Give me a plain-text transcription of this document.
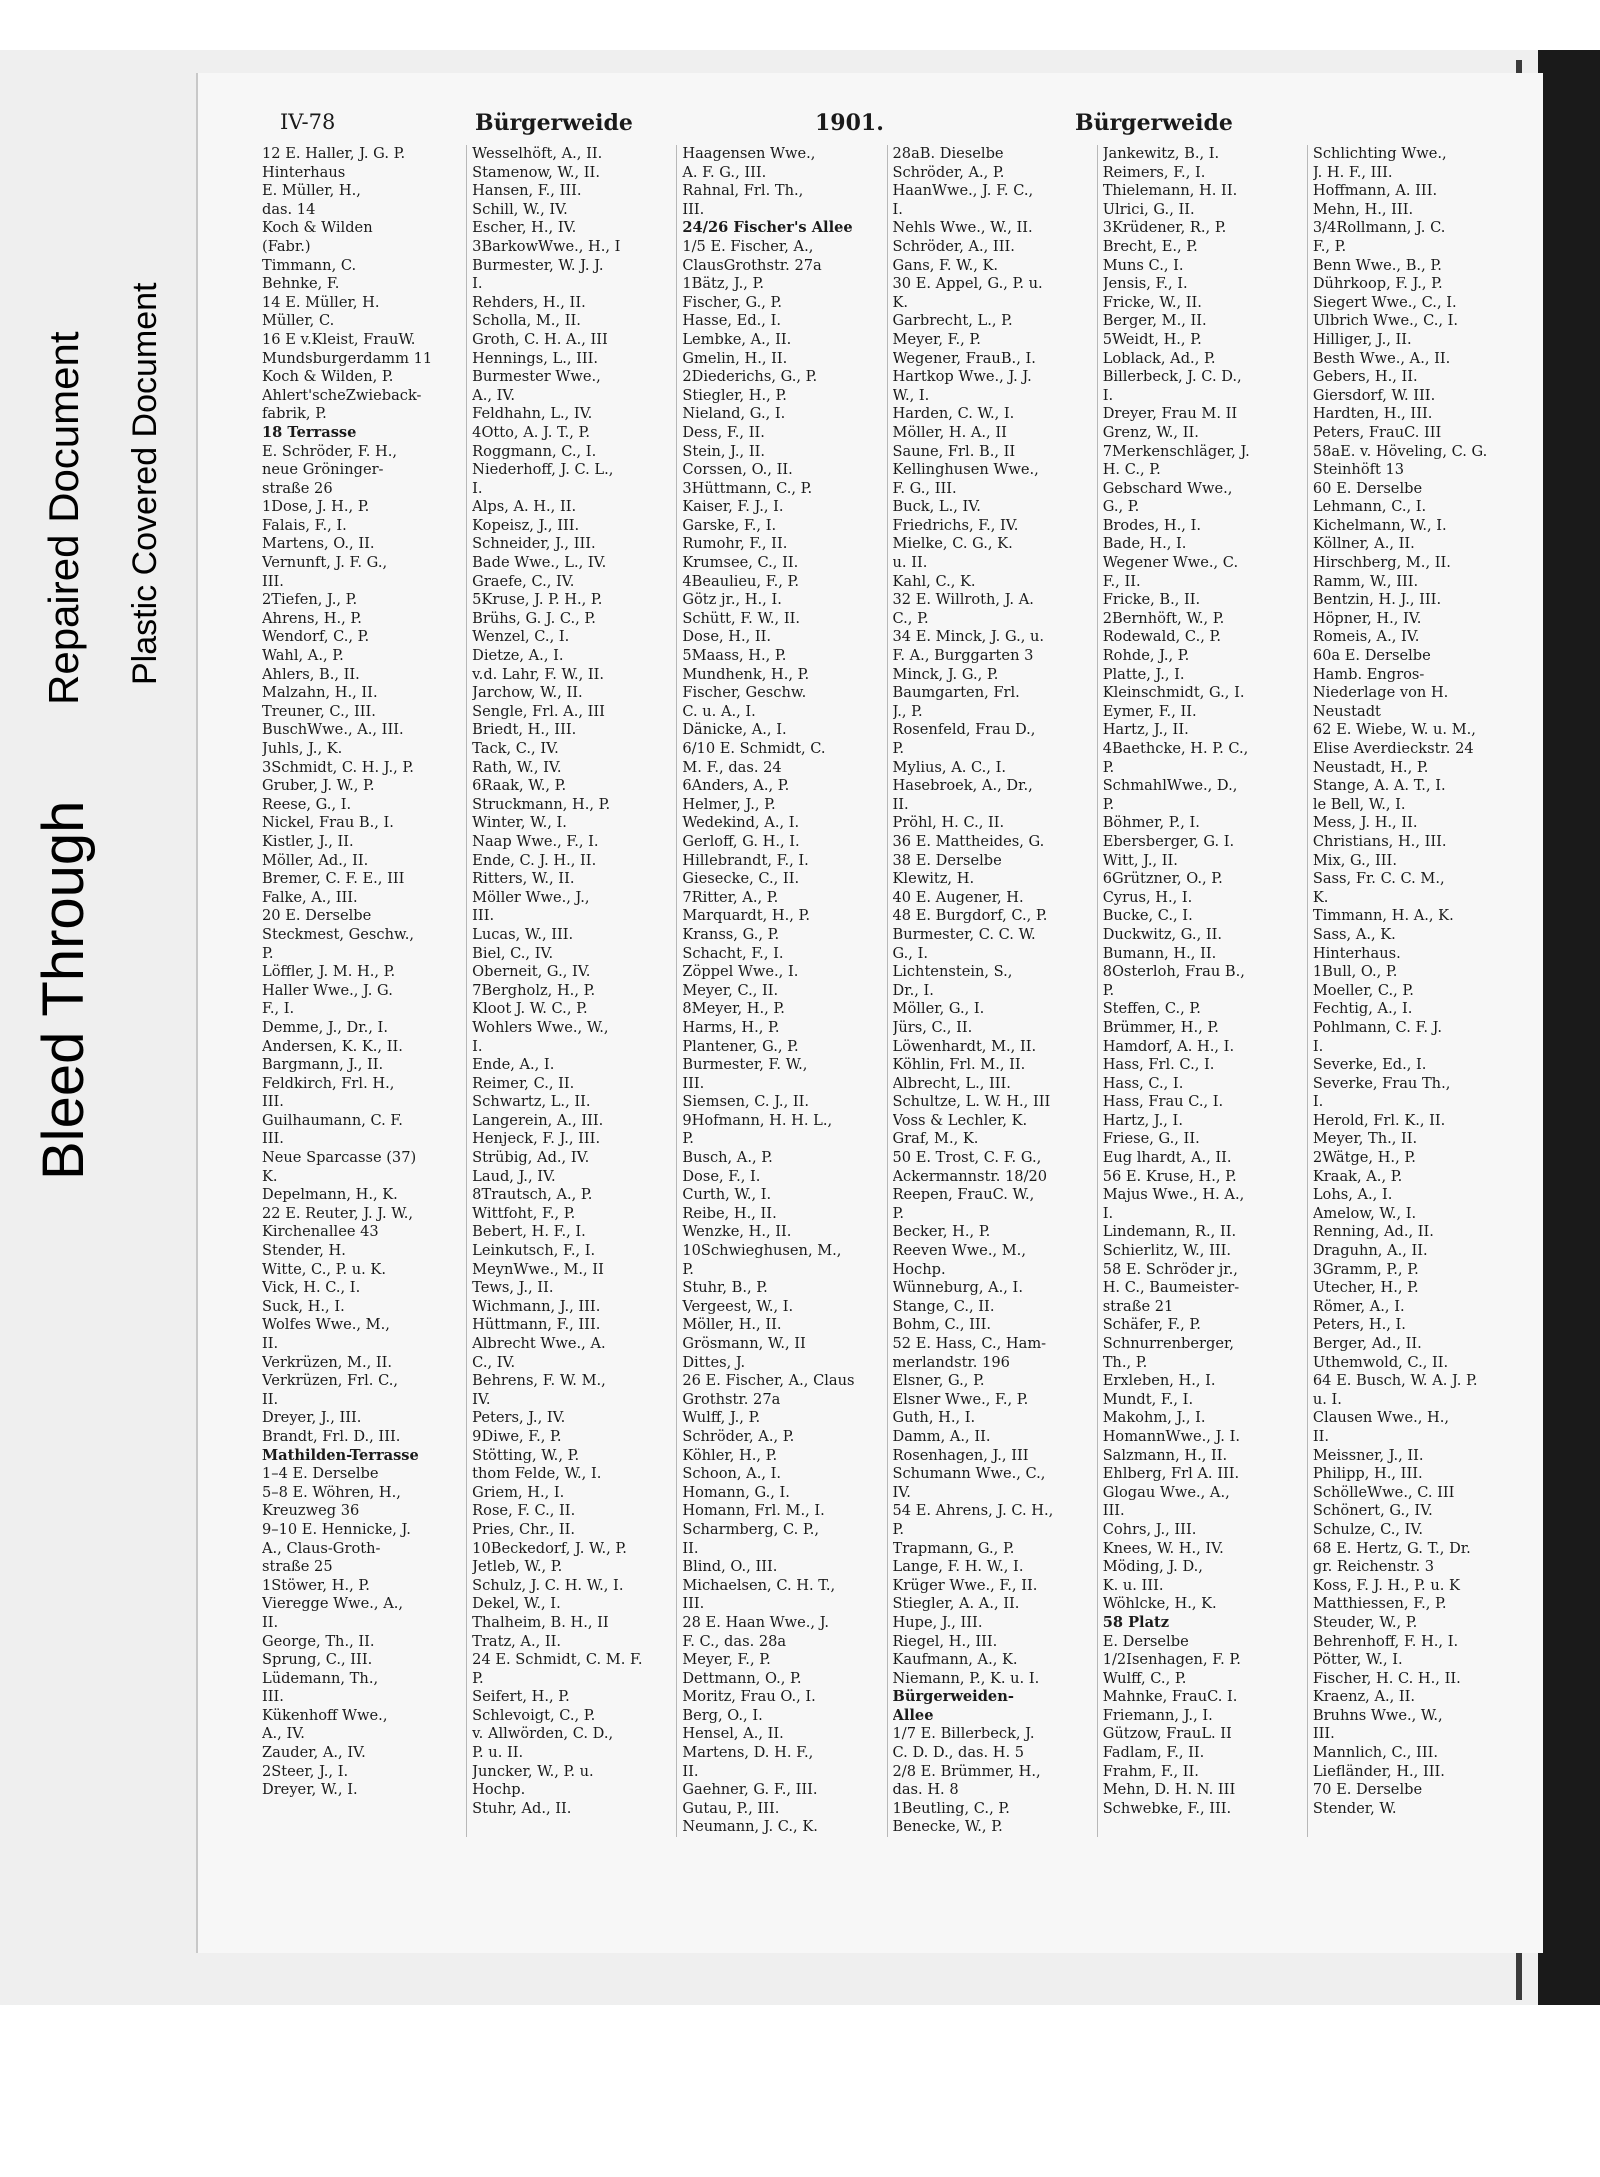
Bleed Through
Repaired Document
IV-78	Bürgerweide	1901.	Bürgerweide
12 E. Haller, J. G. P.
Hinterhaus
E. Müller, H.,
das. 14
Koch & Wilden
(Fabr.)
Timmann, C.
Behnke, F.
14 E. Müller, H.
Müller, C.
16 E v.Kleist, FrauW.
Mundsburgerdamm 11
Koch & Wilden, P.
Ahlert'scheZwieback-
fabrik, P.
18 Terrasse
E. Schröder, F. H.,
neue Gröninger-
straße 26
1Dose, J. H., P.
Falais, F., I.
Martens, O., II.
Vernunft, J. F. G.,
III.
2Tiefen, J., P.
Ahrens, H., P.
Wendorf, C., P.
Wahl, A., P.
Ahlers, B., II.
Malzahn, H., II.
Treuner, C., III.
BuschWwe., A., III.
Juhls, J., K.
3Schmidt, C. H. J., P.
Gruber, J. W., P.
Reese, G., I.
Nickel, Frau B., I.
Kistler, J., II.
Möller, Ad., II.
Bremer, C. F. E., III
Falke, A., III.
20 E. Derselbe
Steckmest, Geschw.,
P.
Löffler, J. M. H., P.
Haller Wwe., J. G.
F., I.
Demme, J., Dr., I.
Andersen, K. K., II.
Bargmann, J., II.
Feldkirch, Frl. H.,
III.
Guilhaumann, C. F.
III.
Neue Sparcasse (37)
K.
Depelmann, H., K.
22 E. Reuter, J. J. W.,
Kirchenallee 43
Stender, H.
Witte, C., P. u. K.
Vick, H. C., I.
Suck, H., I.
Wolfes Wwe., M.,
II.
Verkrüzen, M., II.
Verkrüzen, Frl. C.,
II.
Dreyer, J., III.
Brandt, Frl. D., III.
Mathilden-Terrasse
1–4 E. Derselbe
5–8 E. Wöhren, H.,
Kreuzweg 36
9–10 E. Hennicke, J.
A., Claus-Groth-
straße 25
1Stöwer, H., P.
Vieregge Wwe., A.,
II.
George, Th., II.
Sprung, C., III.
Lüdemann, Th.,
III.
Kükenhoff Wwe.,
A., IV.
Zauder, A., IV.
2Steer, J., I.
Dreyer, W., I.
Wesselhöft, A., II.
Stamenow, W., II.
Hansen, F., III.
Schill, W., IV.
Escher, H., IV.
3BarkowWwe., H., I
Burmester, W. J. J.
I.
Rehders, H., II.
Scholla, M., II.
Groth, C. H. A., III
Hennings, L., III.
Burmester Wwe.,
A., IV.
Feldhahn, L., IV.
4Otto, A. J. T., P.
Roggmann, C., I.
Niederhoff, J. C. L.,
I.
Alps, A. H., II.
Kopeisz, J., III.
Schneider, J., III.
Bade Wwe., L., IV.
Graefe, C., IV.
5Kruse, J. P. H., P.
Brühs, G. J. C., P.
Wenzel, C., I.
Dietze, A., I.
v.d. Lahr, F. W., II.
Jarchow, W., II.
Sengle, Frl. A., III
Briedt, H., III.
Tack, C., IV.
Rath, W., IV.
6Raak, W., P.
Struckmann, H., P.
Winter, W., I.
Naap Wwe., F., I.
Ende, C. J. H., II.
Ritters, W., II.
Möller Wwe., J.,
III.
Lucas, W., III.
Biel, C., IV.
Oberneit, G., IV.
7Bergholz, H., P.
Kloot J. W. C., P.
Wohlers Wwe., W.,
I.
Ende, A., I.
Reimer, C., II.
Schwartz, L., II.
Langerein, A., III.
Henjeck, F. J., III.
Strübig, Ad., IV.
Laud, J., IV.
8Trautsch, A., P.
Wittfoht, F., P.
Bebert, H. F., I.
Leinkutsch, F., I.
MeynWwe., M., II
Tews, J., II.
Wichmann, J., III.
Hüttmann, F., III.
Albrecht Wwe., A.
C., IV.
Behrens, F. W. M.,
IV.
Peters, J., IV.
9Diwe, F., P.
Stötting, W., P.
thom Felde, W., I.
Griem, H., I.
Rose, F. C., II.
Pries, Chr., II.
10Beckedorf, J. W., P.
Jetleb, W., P.
Schulz, J. C. H. W., I.
Dekel, W., I.
Thalheim, B. H., II
Tratz, A., II.
24 E. Schmidt, C. M. F.
P.
Seifert, H., P.
Schlevoigt, C., P.
v. Allwörden, C. D.,
P. u. II.
Juncker, W., P. u.
Hochp.
Stuhr, Ad., II.
Haagensen Wwe.,
A. F. G., III.
Rahnal, Frl. Th.,
III.
24/26 Fischer's Allee
1/5 E. Fischer, A.,
ClausGrothstr. 27a
1Bätz, J., P.
Fischer, G., P.
Hasse, Ed., I.
Lembke, A., II.
Gmelin, H., II.
2Diederichs, G., P.
Stiegler, H., P.
Nieland, G., I.
Dess, F., II.
Stein, J., II.
Corssen, O., II.
3Hüttmann, C., P.
Kaiser, F. J., I.
Garske, F., I.
Rumohr, F., II.
Krumsee, C., II.
4Beaulieu, F., P.
Götz jr., H., I.
Schütt, F. W., II.
Dose, H., II.
5Maass, H., P.
Mundhenk, H., P.
Fischer, Geschw.
C. u. A., I.
Dänicke, A., I.
6/10 E. Schmidt, C.
M. F., das. 24
6Anders, A., P.
Helmer, J., P.
Wedekind, A., I.
Gerloff, G. H., I.
Hillebrandt, F., I.
Giesecke, C., II.
7Ritter, A., P.
Marquardt, H., P.
Kranss, G., P.
Schacht, F., I.
Zöppel Wwe., I.
Meyer, C., II.
8Meyer, H., P.
Harms, H., P.
Plantener, G., P.
Burmester, F. W.,
III.
Siemsen, C. J., II.
9Hofmann, H. H. L.,
P.
Busch, A., P.
Dose, F., I.
Curth, W., I.
Reibe, H., II.
Wenzke, H., II.
10Schwieghusen, M.,
P.
Stuhr, B., P.
Vergeest, W., I.
Möller, H., II.
Grösmann, W., II
Dittes, J.
26 E. Fischer, A., Claus
Grothstr. 27a
Wulff, J., P.
Schröder, A., P.
Köhler, H., P.
Schoon, A., I.
Homann, G., I.
Homann, Frl. M., I.
Scharmberg, C. P.,
II.
Blind, O., III.
Michaelsen, C. H. T.,
III.
28 E. Haan Wwe., J.
F. C., das. 28a
Meyer, F., P.
Dettmann, O., P.
Moritz, Frau O., I.
Berg, O., I.
Hensel, A., II.
Martens, D. H. F.,
II.
Gaehner, G. F., III.
Gutau, P., III.
Neumann, J. C., K.
28aB. Dieselbe
Schröder, A., P.
HaanWwe., J. F. C.,
I.
Nehls Wwe., W., II.
Schröder, A., III.
Gans, F. W., K.
30 E. Appel, G., P. u.
K.
Garbrecht, L., P.
Meyer, F., P.
Wegener, FrauB., I.
Hartkop Wwe., J. J.
W., I.
Harden, C. W., I.
Möller, H. A., II
Saune, Frl. B., II
Kellinghusen Wwe.,
F. G., III.
Buck, L., IV.
Friedrichs, F., IV.
Mielke, C. G., K.
u. II.
Kahl, C., K.
32 E. Willroth, J. A.
C., P.
34 E. Minck, J. G., u.
F. A., Burggarten 3
Minck, J. G., P.
Baumgarten, Frl.
J., P.
Rosenfeld, Frau D.,
P.
Mylius, A. C., I.
Hasebroek, A., Dr.,
II.
Pröhl, H. C., II.
36 E. Mattheides, G.
38 E. Derselbe
Klewitz, H.
40 E. Augener, H.
48 E. Burgdorf, C., P.
Burmester, C. C. W.
G., I.
Lichtenstein, S.,
Dr., I.
Möller, G., I.
Jürs, C., II.
Löwenhardt, M., II.
Köhlin, Frl. M., II.
Albrecht, L., III.
Schultze, L. W. H., III
Voss & Lechler, K.
Graf, M., K.
50 E. Trost, C. F. G.,
Ackermannstr. 18/20
Reepen, FrauC. W.,
P.
Becker, H., P.
Reeven Wwe., M.,
Hochp.
Wünneburg, A., I.
Stange, C., II.
Bohm, C., III.
52 E. Hass, C., Ham-
merlandstr. 196
Elsner, G., P.
Elsner Wwe., F., P.
Guth, H., I.
Damm, A., II.
Rosenhagen, J., III
Schumann Wwe., C.,
IV.
54 E. Ahrens, J. C. H.,
P.
Trapmann, G., P.
Lange, F. H. W., I.
Krüger Wwe., F., II.
Stiegler, A. A., II.
Hupe, J., III.
Riegel, H., III.
Kaufmann, A., K.
Niemann, P., K. u. I.
Bürgerweiden-
Allee
1/7 E. Billerbeck, J.
C. D. D., das. H. 5
2/8 E. Brümmer, H.,
das. H. 8
1Beutling, C., P.
Benecke, W., P.
Jankewitz, B., I.
Reimers, F., I.
Thielemann, H. II.
Ulrici, G., II.
3Krüdener, R., P.
Brecht, E., P.
Muns C., I.
Jensis, F., I.
Fricke, W., II.
Berger, M., II.
5Weidt, H., P.
Loblack, Ad., P.
Billerbeck, J. C. D.,
I.
Dreyer, Frau M. II
Grenz, W., II.
7Merkenschläger, J.
H. C., P.
Gebschard Wwe.,
G., P.
Brodes, H., I.
Bade, H., I.
Wegener Wwe., C.
F., II.
Fricke, B., II.
2Bernhöft, W., P.
Rodewald, C., P.
Rohde, J., P.
Platte, J., I.
Kleinschmidt, G., I.
Eymer, F., II.
Hartz, J., II.
4Baethcke, H. P. C.,
P.
SchmahlWwe., D.,
P.
Böhmer, P., I.
Ebersberger, G. I.
Witt, J., II.
6Grützner, O., P.
Cyrus, H., I.
Bucke, C., I.
Duckwitz, G., II.
Bumann, H., II.
8Osterloh, Frau B.,
P.
Steffen, C., P.
Brümmer, H., P.
Hamdorf, A. H., I.
Hass, Frl. C., I.
Hass, C., I.
Hass, Frau C., I.
Hartz, J., I.
Friese, G., II.
Eug lhardt, A., II.
56 E. Kruse, H., P.
Majus Wwe., H. A.,
I.
Lindemann, R., II.
Schierlitz, W., III.
58 E. Schröder jr.,
H. C., Baumeister-
straße 21
Schäfer, F., P.
Schnurrenberger,
Th., P.
Erxleben, H., I.
Mundt, F., I.
Makohm, J., I.
HomannWwe., J. I.
Salzmann, H., II.
Ehlberg, Frl A. III.
Glogau Wwe., A.,
III.
Cohrs, J., III.
Knees, W. H., IV.
Möding, J. D.,
K. u. III.
Wöhlcke, H., K.
58 Platz
E. Derselbe
1/2Isenhagen, F. P.
Wulff, C., P.
Mahnke, FrauC. I.
Friemann, J., I.
Gützow, FrauL. II
Fadlam, F., II.
Frahm, F., II.
Mehn, D. H. N. III
Schwebke, F., III.
Schlichting Wwe.,
J. H. F., III.
Hoffmann, A. III.
Mehn, H., III.
3/4Rollmann, J. C.
F., P.
Benn Wwe., B., P.
Dührkoop, F. J., P.
Siegert Wwe., C., I.
Ulbrich Wwe., C., I.
Hilliger, J., II.
Besth Wwe., A., II.
Gebers, H., II.
Giersdorf, W. III.
Hardten, H., III.
Peters, FrauC. III
58aE. v. Höveling, C. G.
Steinhöft 13
60 E. Derselbe
Lehmann, C., I.
Kichelmann, W., I.
Köllner, A., II.
Hirschberg, M., II.
Ramm, W., III.
Bentzin, H. J., III.
Höpner, H., IV.
Romeis, A., IV.
60a E. Derselbe
Hamb. Engros-
Niederlage von H.
Neustadt
62 E. Wiebe, W. u. M.,
Elise Averdieckstr. 24
Neustadt, H., P.
Stange, A. A. T., I.
le Bell, W., I.
Mess, J. H., II.
Christians, H., III.
Mix, G., III.
Sass, Fr. C. C. M.,
K.
Timmann, H. A., K.
Sass, A., K.
Hinterhaus.
1Bull, O., P.
Moeller, C., P.
Fechtig, A., I.
Pohlmann, C. F. J.
I.
Severke, Ed., I.
Severke, Frau Th.,
I.
Herold, Frl. K., II.
Meyer, Th., II.
2Wätge, H., P.
Kraak, A., P.
Lohs, A., I.
Amelow, W., I.
Renning, Ad., II.
Draguhn, A., II.
3Gramm, P., P.
Utecher, H., P.
Römer, A., I.
Peters, H., I.
Berger, Ad., II.
Uthemwold, C., II.
64 E. Busch, W. A. J. P.
u. I.
Clausen Wwe., H.,
II.
Meissner, J., II.
Philipp, H., III.
SchölleWwe., C. III
Schönert, G., IV.
Schulze, C., IV.
68 E. Hertz, G. T., Dr.
gr. Reichenstr. 3
Koss, F. J. H., P. u. K
Matthiessen, F., P.
Steuder, W., P.
Behrenhoff, F. H., I.
Pötter, W., I.
Fischer, H. C. H., II.
Kraenz, A., II.
Bruhns Wwe., W.,
III.
Mannlich, C., III.
Liefländer, H., III.
70 E. Derselbe
Stender, W.
Plastic Covered Document
